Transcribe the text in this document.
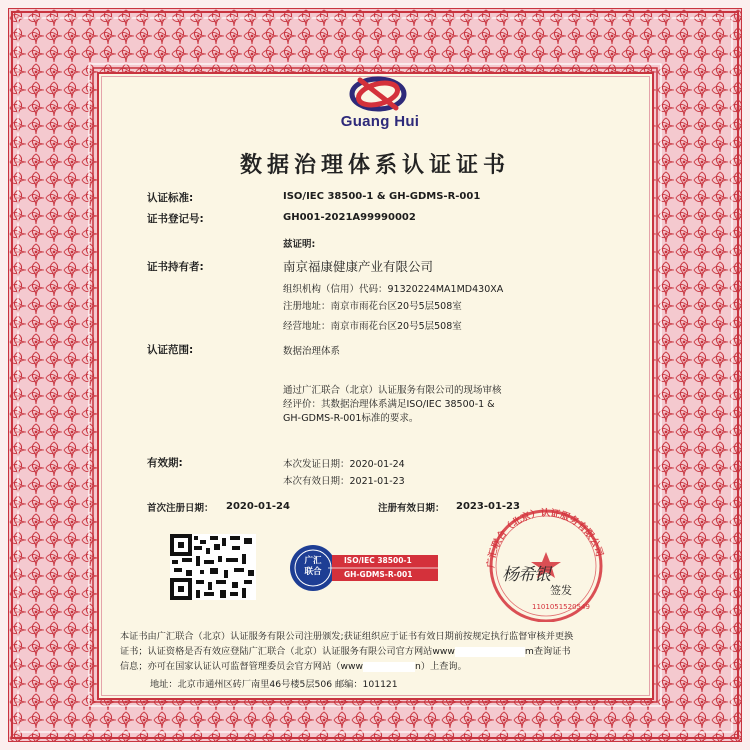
Guang Hui
数据治理体系认证证书
认证标准:	ISO/IEC 38500-1 & GH-GDMS-R-001
证书登记号:	GH001-2021A99990002
兹证明:
证书持有者:	南京福康健康产业有限公司
组织机构（信用）代码：91320224MA1MD430XA
注册地址：南京市雨花台区20号5层508室
经营地址：南京市雨花台区20号5层508室
认证范围:	数据治理体系
通过广汇联合（北京）认证服务有限公司的现场审核
经评价：其数据治理体系满足ISO/IEC 38500-1 &
GH-GDMS-R-001标准的要求。
有效期:	本次发证日期：2020-01-24
本次有效日期：2021-01-23
首次注册日期： 2020-01-24	注册有效日期： 2023-01-23
广汇
联合
ISO/IEC 38500-1
GH-GDMS-R-001
广汇联合（北京）认证服务有限公司
杨希银
1101051520549
签发
本证书由广汇联合（北京）认证服务有限公司注册颁发;获证组织应于证书有效日期前按规定执行监督审核并更换
证书；认证资格是否有效应登陆广汇联合（北京）认证服务有限公司官方网站www	m查询证书
信息；亦可在国家认证认可监督管理委员会官方网站（www	n）上查询。
地址：北京市通州区砖厂南里46号楼5层506 邮编：101121
